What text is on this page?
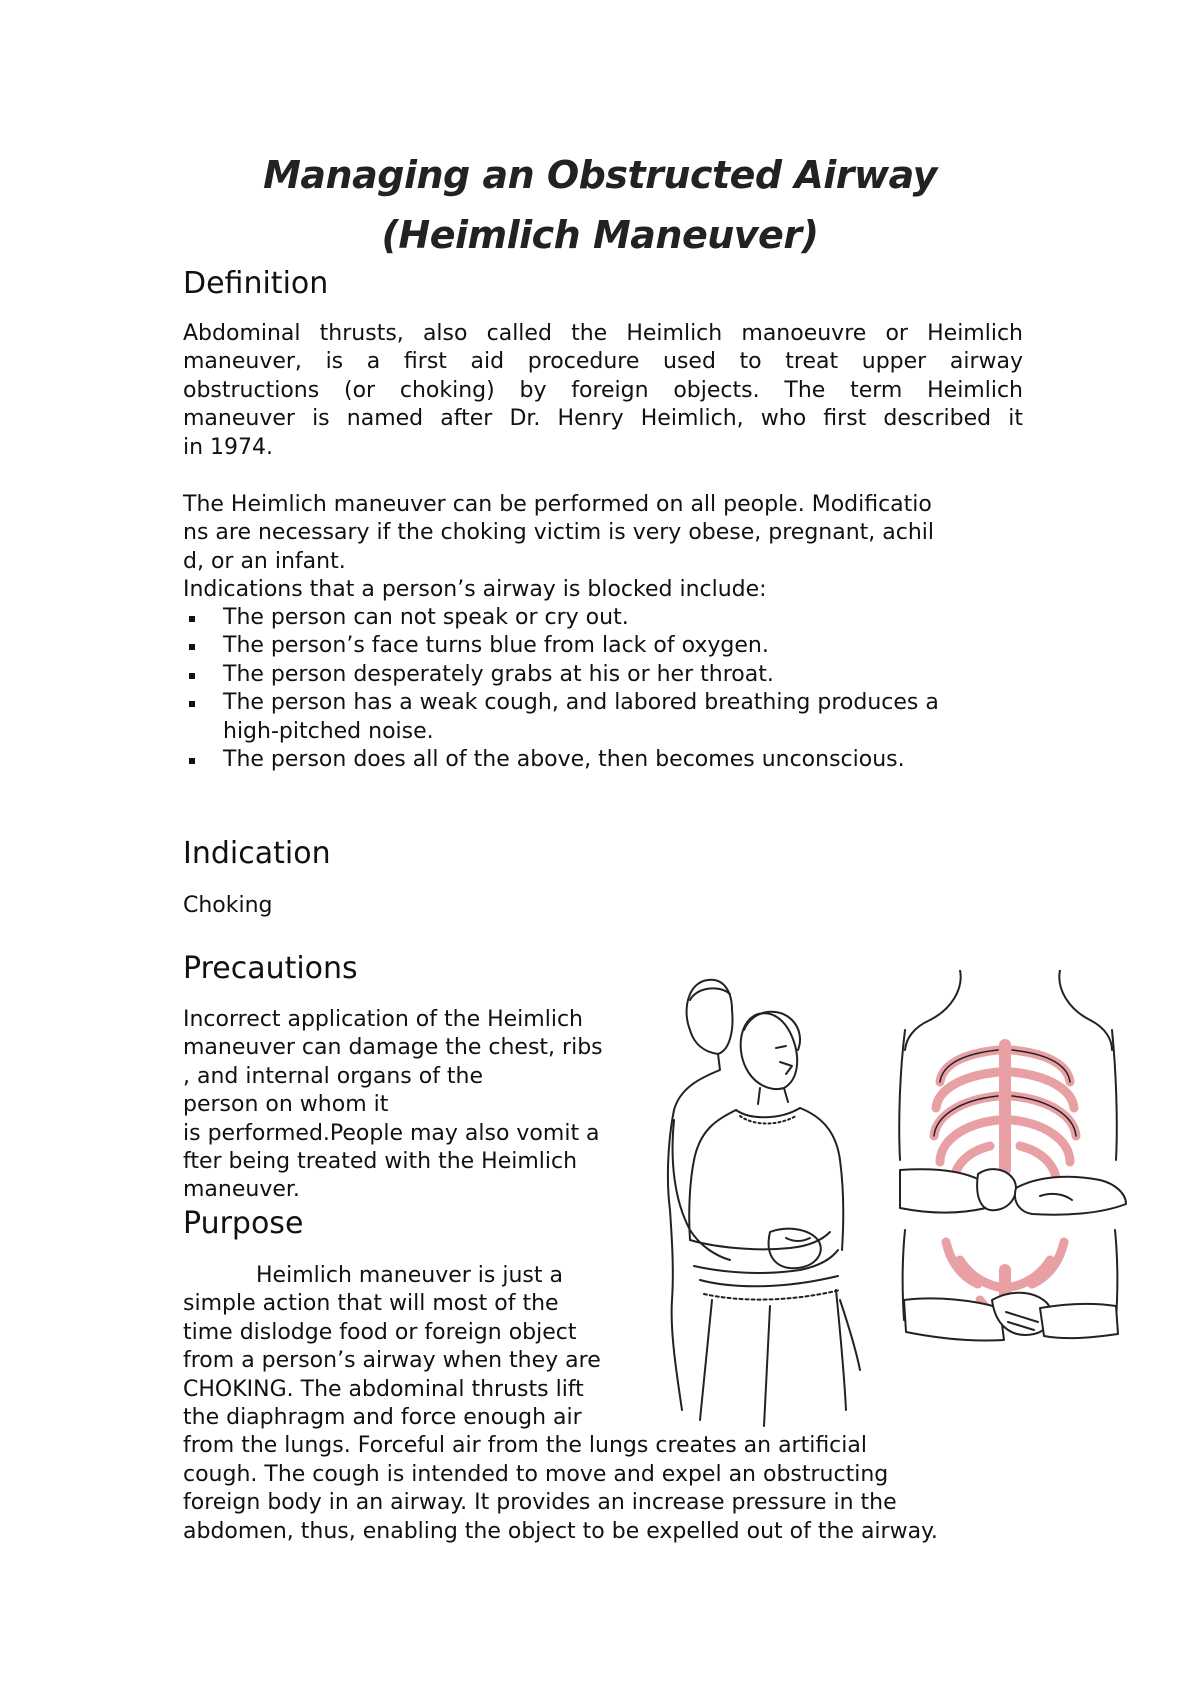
Managing an Obstructed Airway
(Heimlich Maneuver)
Definition
Abdominal thrusts, also called the Heimlich manoeuvre or Heimlich
maneuver, is a first aid procedure used to treat upper airway
obstructions (or choking) by foreign objects. The term Heimlich
maneuver is named after Dr. Henry Heimlich, who first described it
in 1974.
The Heimlich maneuver can be performed on all people. Modificatio
ns are necessary if the choking victim is very obese, pregnant, achil
d, or an infant.
Indications that a person’s airway is blocked include:
The person can not speak or cry out.
The person’s face turns blue from lack of oxygen.
The person desperately grabs at his or her throat.
The person has a weak cough, and labored breathing produces a
high-pitched noise.
The person does all of the above, then becomes unconscious.
Indication

Choking

Precautions
Incorrect application of the Heimlich
maneuver can damage the chest, ribs
, and internal organs of the
person on whom it
is performed.People may also vomit a
fter being treated with the Heimlich
maneuver.
Purpose
Heimlich maneuver is just a
simple action that will most of the
time dislodge food or foreign object
from a person’s airway when they are
CHOKING. The abdominal thrusts lift
the diaphragm and force enough air
from the lungs. Forceful air from the lungs creates an artificial
cough. The cough is intended to move and expel an obstructing
foreign body in an airway. It provides an increase pressure in the
abdomen, thus, enabling the object to be expelled out of the airway.
